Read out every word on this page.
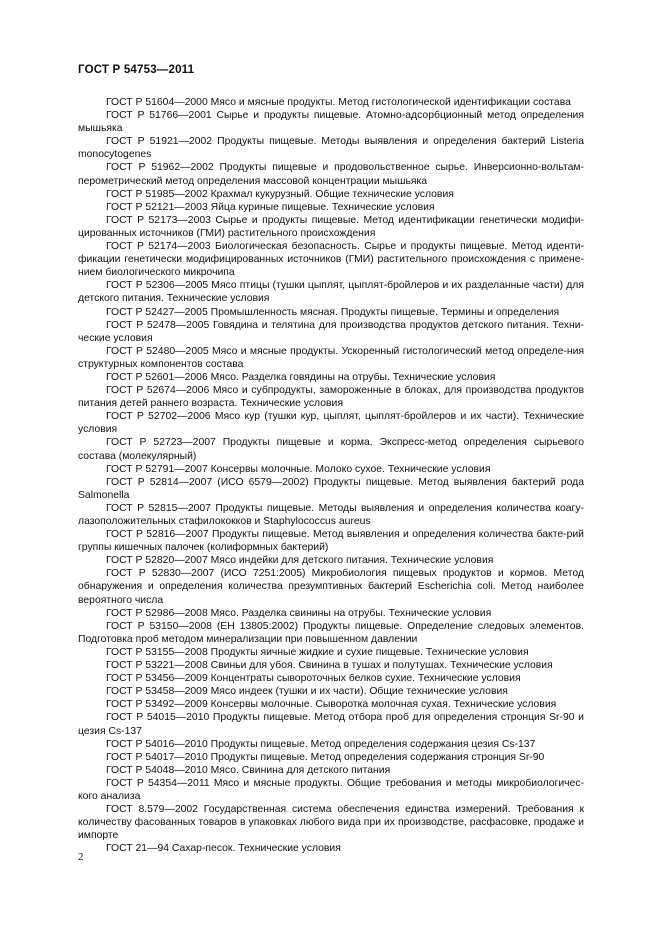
ГОСТ Р 54753—2011

ГОСТ Р 51604—2000 Мясо и мясные продукты. Метод гистологической идентификации состава

ГОСТ Р 51766—2001 Сырье и продукты пищевые. Атомно-адсорбционный метод определения мышьяка

ГОСТ Р 51921—2002 Продукты пищевые. Методы выявления и определения бактерий Listeria monocytogenes

ГОСТ Р 51962—2002 Продукты пищевые и продовольственное сырье. Инверсионно-вольтам-перометрический метод определения массовой концентрации мышьяка

ГОСТ Р 51985—2002 Крахмал кукурузный. Общие технические условия

ГОСТ Р 52121—2003 Яйца куриные пищевые. Технические условия

ГОСТ Р 52173—2003 Сырье и продукты пищевые. Метод идентификации генетически модифи-цированных источников (ГМИ) растительного происхождения

ГОСТ Р 52174—2003 Биологическая безопасность. Сырье и продукты пищевые. Метод иденти-фикации генетически модифицированных источников (ГМИ) растительного происхождения с примене-нием биологического микрочипа

ГОСТ Р 52306—2005 Мясо птицы (тушки цыплят, цыплят-бройлеров и их разделанные части) для детского питания. Технические условия

ГОСТ Р 52427—2005 Промышленность мясная. Продукты пищевые. Термины и определения

ГОСТ Р 52478—2005 Говядина и телятина для производства продуктов детского питания. Техни-ческие условия

ГОСТ Р 52480—2005 Мясо и мясные продукты. Ускоренный гистологический метод определе-ния структурных компонентов состава

ГОСТ Р 52601—2006 Мясо. Разделка говядины на отрубы. Технические условия

ГОСТ Р 52674—2006 Мясо и субпродукты, замороженные в блоках, для производства продуктов питания детей раннего возраста. Технические условия

ГОСТ Р 52702—2006 Мясо кур (тушки кур, цыплят, цыплят-бройлеров и их части). Технические условия

ГОСТ Р 52723—2007 Продукты пищевые и корма. Экспресс-метод определения сырьевого состава (молекулярный)

ГОСТ Р 52791—2007 Консервы молочные. Молоко сухое. Технические условия

ГОСТ Р 52814—2007 (ИСО 6579—2002) Продукты пищевые. Метод выявления бактерий рода Salmonella

ГОСТ Р 52815—2007 Продукты пищевые. Методы выявления и определения количества коагу-лазоположительных стафилококков и Staphylococcus aureus

ГОСТ Р 52816—2007 Продукты пищевые. Метод выявления и определения количества бакте-рий группы кишечных палочек (колиформных бактерий)

ГОСТ Р 52820—2007 Мясо индейки для детского питания. Технические условия

ГОСТ Р 52830—2007 (ИСО 7251:2005) Микробиология пищевых продуктов и кормов. Метод обнаружения и определения количества презумптивных бактерий Escherichia coli. Метод наиболее вероятного числа

ГОСТ Р 52986—2008 Мясо. Разделка свинины на отрубы. Технические условия

ГОСТ Р 53150—2008 (ЕН 13805:2002) Продукты пищевые. Определение следовых элементов. Подготовка проб методом минерализации при повышенном давлении

ГОСТ Р 53155—2008 Продукты яичные жидкие и сухие пищевые. Технические условия

ГОСТ Р 53221—2008 Свиньи для убоя. Свинина в тушах и полутушах. Технические условия

ГОСТ Р 53456—2009 Концентраты сывороточных белков сухие. Технические условия

ГОСТ Р 53458—2009 Мясо индеек (тушки и их части). Общие технические условия

ГОСТ Р 53492—2009 Консервы молочные. Сыворотка молочная сухая. Технические условия

ГОСТ Р 54015—2010 Продукты пищевые. Метод отбора проб для определения стронция Sr-90 и цезия Cs-137

ГОСТ Р 54016—2010 Продукты пищевые. Метод определения содержания цезия Cs-137

ГОСТ Р 54017—2010 Продукты пищевые. Метод определения содержания стронция Sr-90

ГОСТ Р 54048—2010 Мясо. Свинина для детского питания

ГОСТ Р 54354—2011 Мясо и мясные продукты. Общие требования и методы микробиологичес-кого анализа

ГОСТ 8.579—2002 Государственная система обеспечения единства измерений. Требования к количеству фасованных товаров в упаковках любого вида при их производстве, расфасовке, продаже и импорте

ГОСТ 21—94 Сахар-песок. Технические условия

2
